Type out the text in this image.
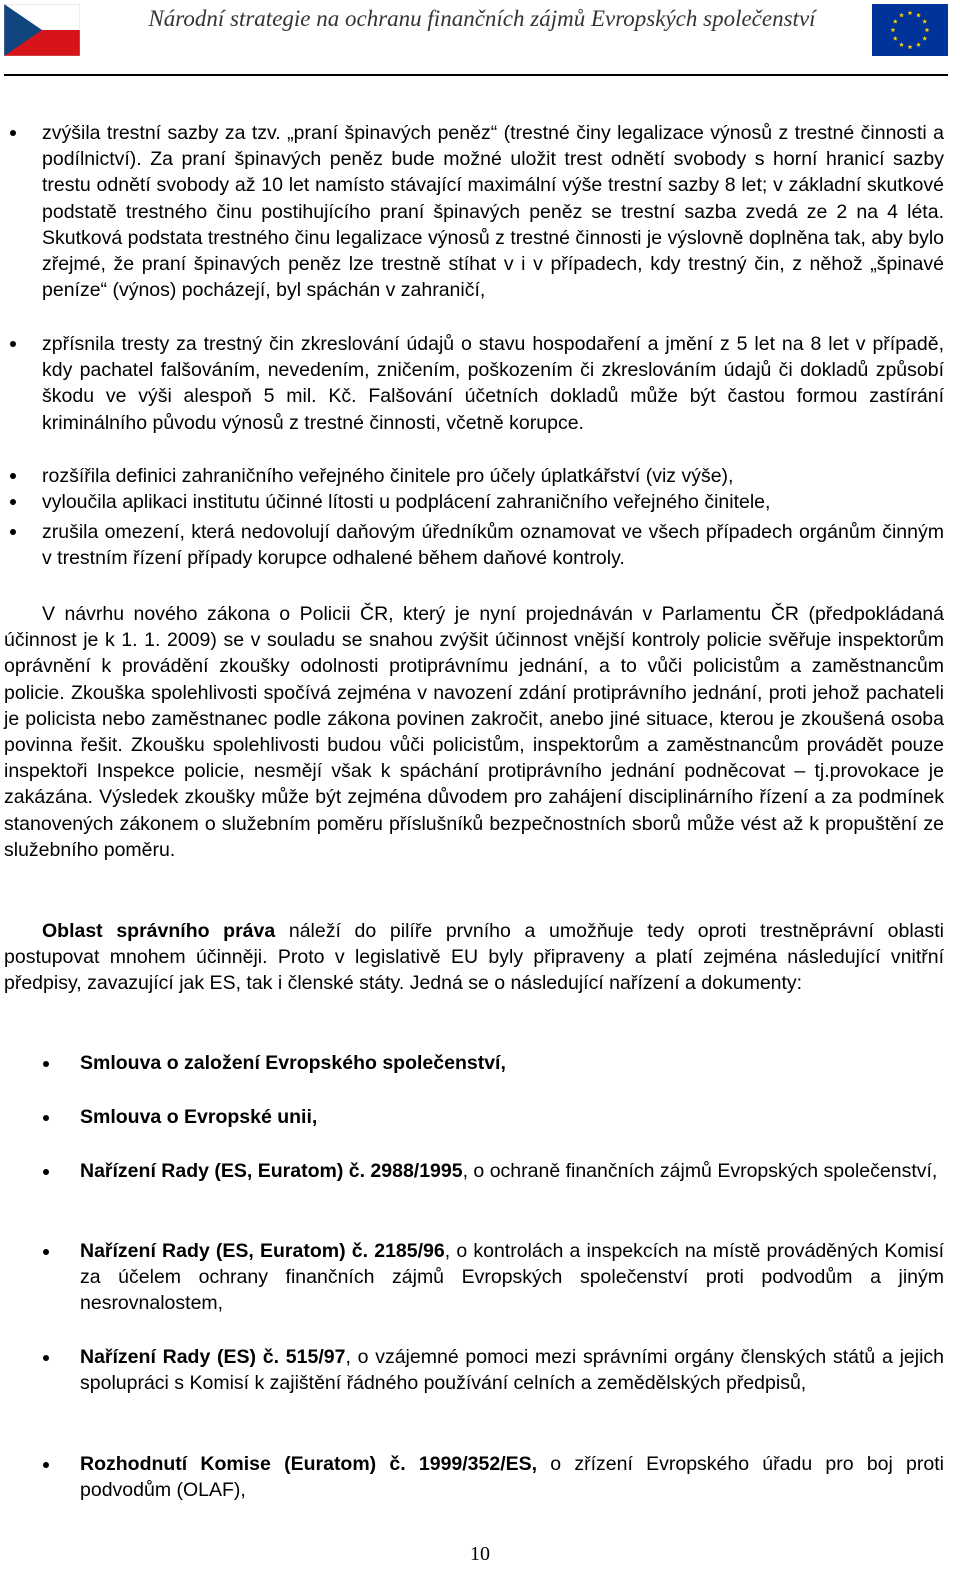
Národní strategie na ochranu finančních zájmů Evropských společenství
zvýšila trestní sazby za tzv. „praní špinavých peněz“ (trestné činy legalizace výnosů z trestné činnosti a podílnictví). Za praní špinavých peněz bude možné uložit trest odnětí svobody s horní hranicí sazby trestu odnětí svobody až 10 let namísto stávající maximální výše trestní sazby 8 let; v základní skutkové podstatě trestného činu postihujícího praní špinavých peněz se trestní sazba zvedá ze 2 na 4 léta. Skutková podstata trestného činu legalizace výnosů z trestné činnosti je výslovně doplněna tak, aby bylo zřejmé, že praní špinavých peněz lze trestně stíhat v i v případech, kdy trestný čin, z něhož „špinavé peníze“ (výnos) pocházejí, byl spáchán v zahraničí,
zpřísnila tresty za trestný čin zkreslování údajů o stavu hospodaření a jmění z 5 let na 8 let v případě, kdy pachatel falšováním, nevedením, zničením, poškozením či zkreslováním údajů či dokladů způsobí škodu ve výši alespoň 5 mil. Kč. Falšování účetních dokladů může být častou formou zastírání kriminálního původu výnosů z trestné činnosti, včetně korupce.
rozšířila definici zahraničního veřejného činitele pro účely úplatkářství (viz výše),
vyloučila aplikaci institutu účinné lítosti u podplácení zahraničního veřejného činitele,
zrušila omezení, která nedovolují daňovým úředníkům oznamovat ve všech případech orgánům činným v trestním řízení případy korupce odhalené během daňové kontroly.
V návrhu nového zákona o Policii ČR, který je nyní projednáván v Parlamentu ČR (předpokládaná účinnost je k 1. 1. 2009) se v souladu se snahou zvýšit účinnost vnější kontroly policie svěřuje inspektorům oprávnění k provádění zkoušky odolnosti protiprávnímu jednání, a to vůči policistům a zaměstnancům policie. Zkouška spolehlivosti spočívá zejména v navození zdání protiprávního jednání, proti jehož pachateli je policista nebo zaměstnanec podle zákona povinen zakročit, anebo jiné situace, kterou je zkoušená osoba povinna řešit. Zkoušku spolehlivosti budou vůči policistům, inspektorům a zaměstnancům provádět pouze inspektoři Inspekce policie, nesmějí však k spáchání protiprávního jednání podněcovat – tj.provokace je zakázána. Výsledek zkoušky může být zejména důvodem pro zahájení disciplinárního řízení a za podmínek stanovených zákonem o služebním poměru příslušníků bezpečnostních sborů může vést až k propuštění ze služebního poměru.
Oblast správního práva náleží do pilíře prvního a umožňuje tedy oproti trestněprávní oblasti postupovat mnohem účinněji. Proto v legislativě EU byly připraveny a platí zejména následující vnitřní předpisy, zavazující jak ES, tak i členské státy. Jedná se o následující nařízení a dokumenty:
Smlouva o založení Evropského společenství,
Smlouva o Evropské unii,
Nařízení Rady (ES, Euratom) č. 2988/1995, o ochraně finančních zájmů Evropských společenství,
Nařízení Rady (ES, Euratom) č. 2185/96, o kontrolách a inspekcích na místě prováděných Komisí za účelem ochrany finančních zájmů Evropských společenství proti podvodům a jiným nesrovnalostem,
Nařízení Rady (ES) č. 515/97, o vzájemné pomoci mezi správními orgány členských států a jejich spolupráci s Komisí k zajištění řádného používání celních a zemědělských předpisů,
Rozhodnutí Komise (Euratom) č. 1999/352/ES, o zřízení Evropského úřadu pro boj proti podvodům (OLAF),
10
